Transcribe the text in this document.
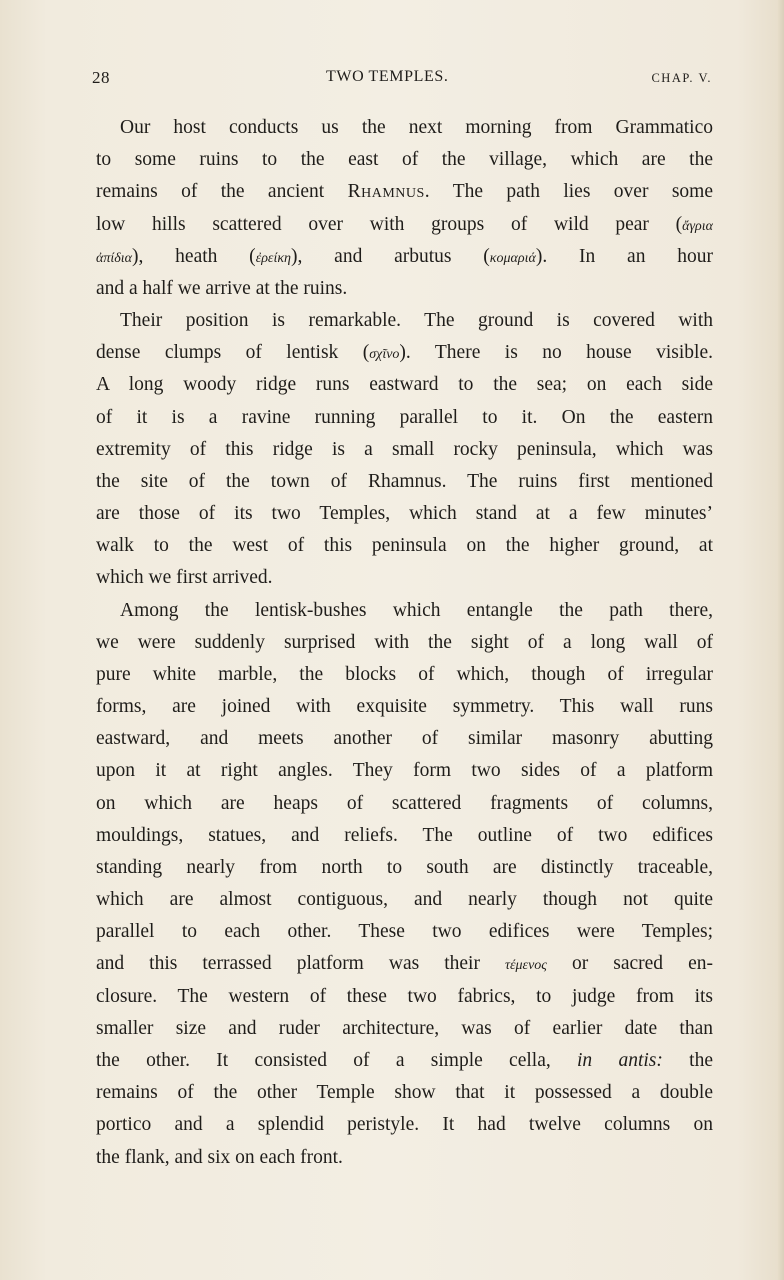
28	TWO TEMPLES.	CHAP. V.
Our host conducts us the next morning from Grammatico
to some ruins to the east of the village, which are the
remains of the ancient Rhamnus. The path lies over some
low hills scattered over with groups of wild pear (ἄγρια
ἀπίδια), heath (ἐρείκη), and arbutus (κομαριά). In an hour
and a half we arrive at the ruins.
Their position is remarkable. The ground is covered with
dense clumps of lentisk (σχῖνο). There is no house visible.
A long woody ridge runs eastward to the sea; on each side
of it is a ravine running parallel to it. On the eastern
extremity of this ridge is a small rocky peninsula, which was
the site of the town of Rhamnus. The ruins first mentioned
are those of its two Temples, which stand at a few minutes’
walk to the west of this peninsula on the higher ground, at
which we first arrived.
Among the lentisk-bushes which entangle the path there,
we were suddenly surprised with the sight of a long wall of
pure white marble, the blocks of which, though of irregular
forms, are joined with exquisite symmetry. This wall runs
eastward, and meets another of similar masonry abutting
upon it at right angles. They form two sides of a platform
on which are heaps of scattered fragments of columns,
mouldings, statues, and reliefs. The outline of two edifices
standing nearly from north to south are distinctly traceable,
which are almost contiguous, and nearly though not quite
parallel to each other. These two edifices were Temples;
and this terrassed platform was their τέμενος or sacred en-
closure. The western of these two fabrics, to judge from its
smaller size and ruder architecture, was of earlier date than
the other. It consisted of a simple cella, in antis: the
remains of the other Temple show that it possessed a double
portico and a splendid peristyle. It had twelve columns on
the flank, and six on each front.
